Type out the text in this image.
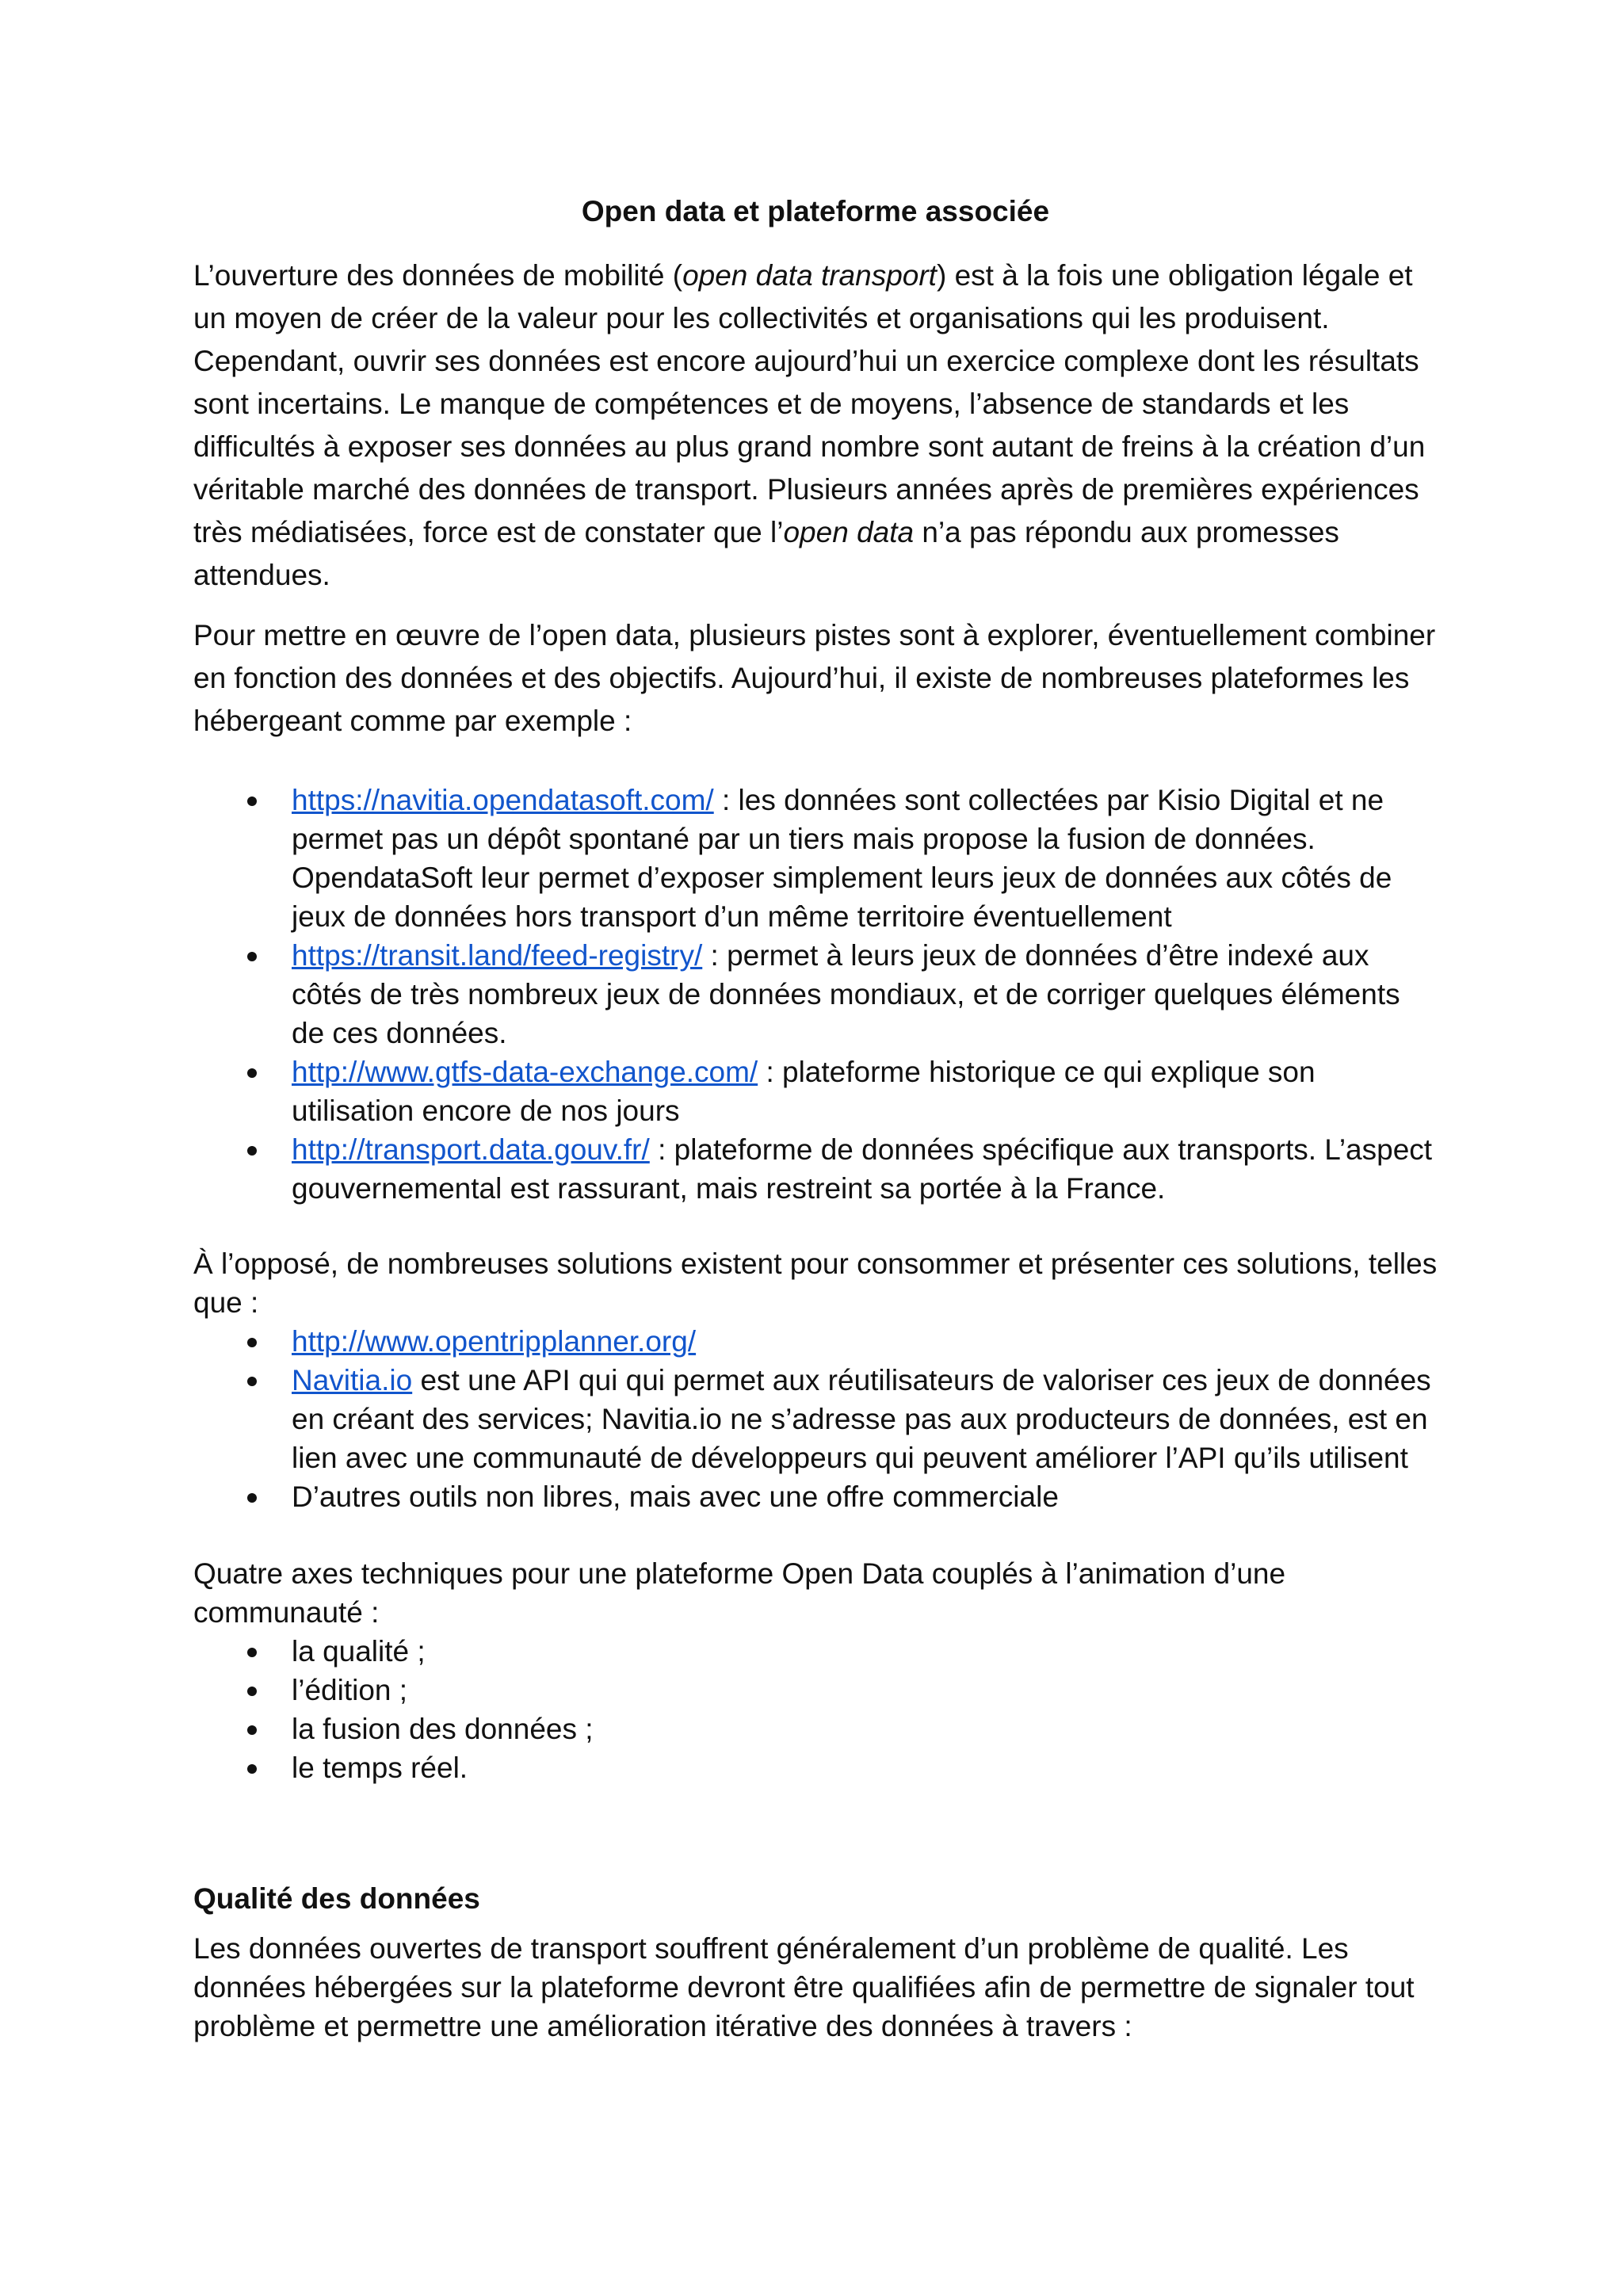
Open data et plateforme associée

L’ouverture des données de mobilité (open data transport) est à la fois une obligation légale et un moyen de créer de la valeur pour les collectivités et organisations qui les produisent. Cependant, ouvrir ses données est encore aujourd’hui un exercice complexe dont les résultats sont incertains. Le manque de compétences et de moyens, l’absence de standards et les difficultés à exposer ses données au plus grand nombre sont autant de freins à la création d’un véritable marché des données de transport. Plusieurs années après de premières expériences très médiatisées, force est de constater que l’open data n’a pas répondu aux promesses attendues.

Pour mettre en œuvre de l’open data, plusieurs pistes sont à explorer, éventuellement combiner en fonction des données et des objectifs. Aujourd’hui, il existe de nombreuses plateformes les hébergeant comme par exemple :

https://navitia.opendatasoft.com/ : les données sont collectées par Kisio Digital et ne permet pas un dépôt spontané par un tiers mais propose la fusion de données. OpendataSoft leur permet d’exposer simplement leurs jeux de données aux côtés de jeux de données hors transport d’un même territoire éventuellement
https://transit.land/feed-registry/ : permet à leurs jeux de données d’être indexé aux côtés de très nombreux jeux de données mondiaux, et de corriger quelques éléments de ces données.
http://www.gtfs-data-exchange.com/ : plateforme historique ce qui explique son utilisation encore de nos jours
http://transport.data.gouv.fr/ : plateforme de données spécifique aux transports. L’aspect gouvernemental est rassurant, mais restreint sa portée à la France.

À l’opposé, de nombreuses solutions existent pour consommer et présenter ces solutions, telles que :

http://www.opentripplanner.org/
Navitia.io est une API qui qui permet aux réutilisateurs de valoriser ces jeux de données en créant des services; Navitia.io ne s’adresse pas aux producteurs de données, est en lien avec une communauté de développeurs qui peuvent améliorer l’API qu’ils utilisent
D’autres outils non libres, mais avec une offre commerciale

Quatre axes techniques pour une plateforme Open Data couplés à l’animation d’une communauté :

la qualité ;
l’édition ;
la fusion des données ;
le temps réel.

Qualité des données

Les données ouvertes de transport souffrent généralement d’un problème de qualité. Les données hébergées sur la plateforme devront être qualifiées afin de permettre de signaler tout problème et permettre une amélioration itérative des données à travers :
